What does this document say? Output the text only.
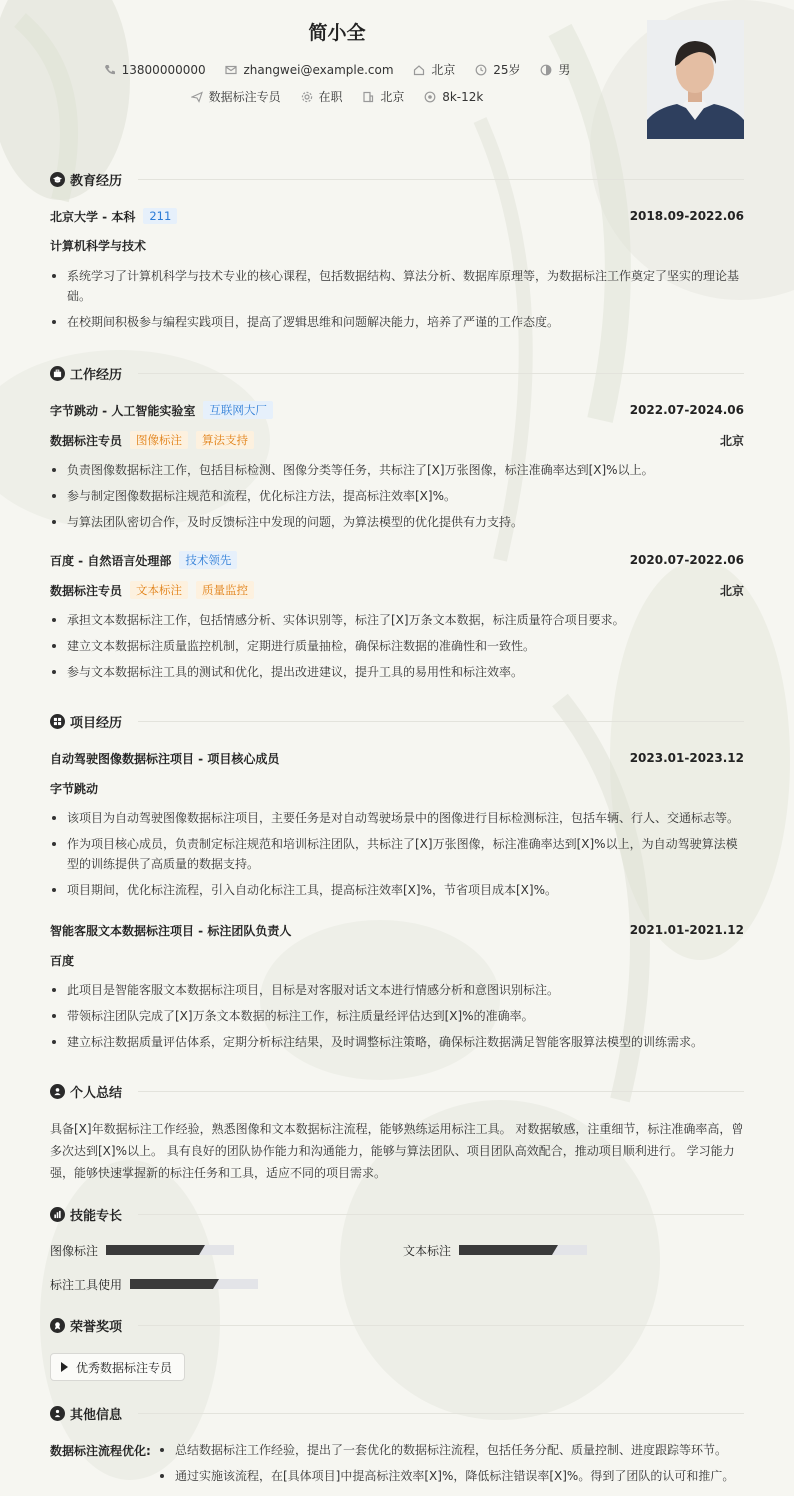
简小全
13800000000	zhangwei@example.com	北京	25岁	男
数据标注专员	在职	北京	8k-12k
教育经历
北京大学 - 本科	211	2018.09-2022.06
计算机科学与技术
系统学习了计算机科学与技术专业的核心课程，包括数据结构、算法分析、数据库原理等，为数据标注工作奠定了坚实的理论基础。
在校期间积极参与编程实践项目，提高了逻辑思维和问题解决能力，培养了严谨的工作态度。
工作经历
字节跳动 - 人工智能实验室	互联网大厂	2022.07-2024.06
数据标注专员	图像标注	算法支持	北京
负责图像数据标注工作，包括目标检测、图像分类等任务，共标注了[X]万张图像，标注准确率达到[X]%以上。
参与制定图像数据标注规范和流程，优化标注方法，提高标注效率[X]%。
与算法团队密切合作，及时反馈标注中发现的问题，为算法模型的优化提供有力支持。
百度 - 自然语言处理部	技术领先	2020.07-2022.06
数据标注专员	文本标注	质量监控	北京
承担文本数据标注工作，包括情感分析、实体识别等，标注了[X]万条文本数据，标注质量符合项目要求。
建立文本数据标注质量监控机制，定期进行质量抽检，确保标注数据的准确性和一致性。
参与文本数据标注工具的测试和优化，提出改进建议，提升工具的易用性和标注效率。
项目经历
自动驾驶图像数据标注项目 - 项目核心成员	2023.01-2023.12
字节跳动
该项目为自动驾驶图像数据标注项目，主要任务是对自动驾驶场景中的图像进行目标检测标注，包括车辆、行人、交通标志等。
作为项目核心成员，负责制定标注规范和培训标注团队，共标注了[X]万张图像，标注准确率达到[X]%以上，为自动驾驶算法模型的训练提供了高质量的数据支持。
项目期间，优化标注流程，引入自动化标注工具，提高标注效率[X]%，节省项目成本[X]%。
智能客服文本数据标注项目 - 标注团队负责人	2021.01-2021.12
百度
此项目是智能客服文本数据标注项目，目标是对客服对话文本进行情感分析和意图识别标注。
带领标注团队完成了[X]万条文本数据的标注工作，标注质量经评估达到[X]%的准确率。
建立标注数据质量评估体系，定期分析标注结果，及时调整标注策略，确保标注数据满足智能客服算法模型的训练需求。
个人总结
具备[X]年数据标注工作经验，熟悉图像和文本数据标注流程，能够熟练运用标注工具。 对数据敏感，注重细节，标注准确率高，曾多次达到[X]%以上。 具有良好的团队协作能力和沟通能力，能够与算法团队、项目团队高效配合，推动项目顺利进行。 学习能力强，能够快速掌握新的标注任务和工具，适应不同的项目需求。
技能专长
图像标注	文本标注
标注工具使用
荣誉奖项
优秀数据标注专员
其他信息
数据标注流程优化:	总结数据标注工作经验，提出了一套优化的数据标注流程，包括任务分配、质量控制、进度跟踪等环节。
通过实施该流程，在[具体项目]中提高标注效率[X]%，降低标注错误率[X]%。得到了团队的认可和推广。
